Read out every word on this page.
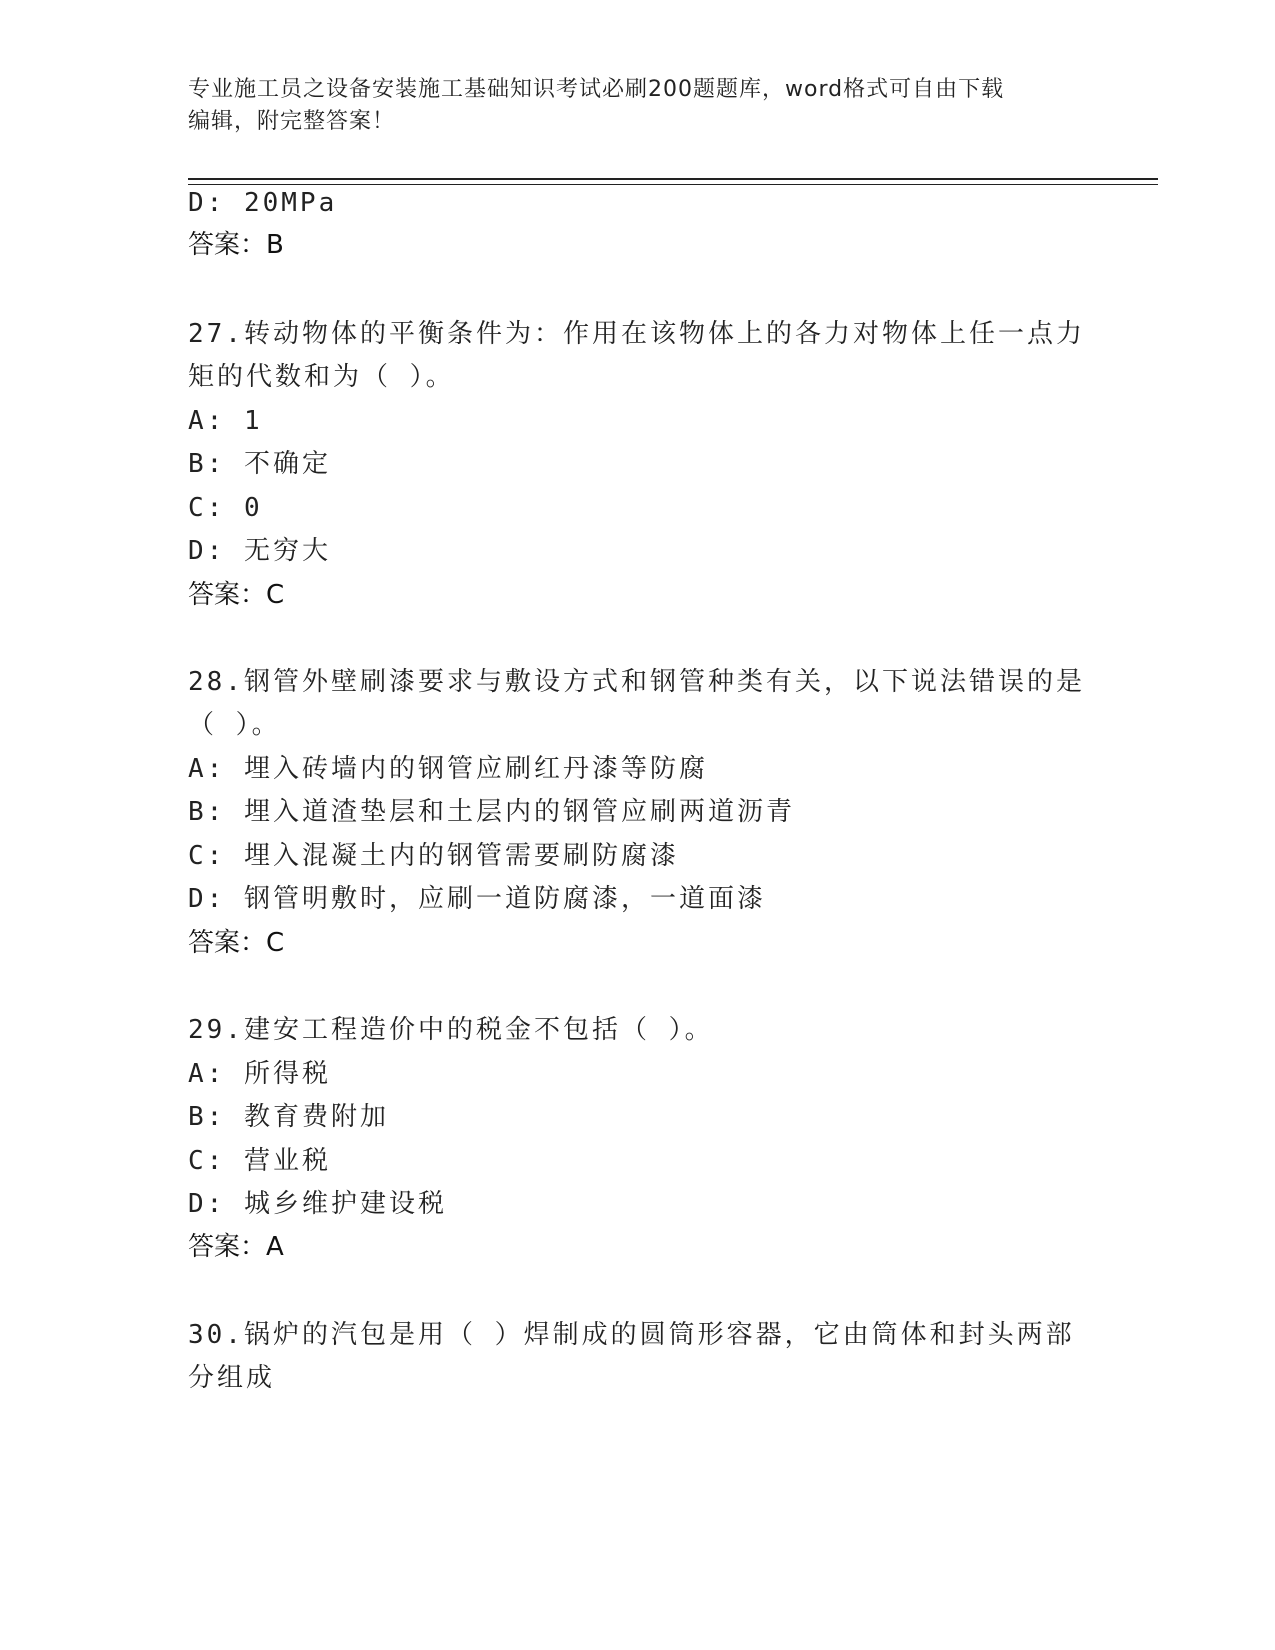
专业施工员之设备安装施工基础知识考试必刷200题题库，word格式可自由下载
编辑，附完整答案！
D: 20MPa
答案：B
27.转动物体的平衡条件为：作用在该物体上的各力对物体上任一点力
矩的代数和为（ ）。
A: 1
B: 不确定
C: 0
D: 无穷大
答案：C
28.钢管外壁刷漆要求与敷设方式和钢管种类有关，以下说法错误的是
（ ）。
A: 埋入砖墙内的钢管应刷红丹漆等防腐
B: 埋入道渣垫层和土层内的钢管应刷两道沥青
C: 埋入混凝土内的钢管需要刷防腐漆
D: 钢管明敷时，应刷一道防腐漆，一道面漆
答案：C
29.建安工程造价中的税金不包括（ ）。
A: 所得税
B: 教育费附加
C: 营业税
D: 城乡维护建设税
答案：A
30.锅炉的汽包是用（ ）焊制成的圆筒形容器，它由筒体和封头两部
分组成
